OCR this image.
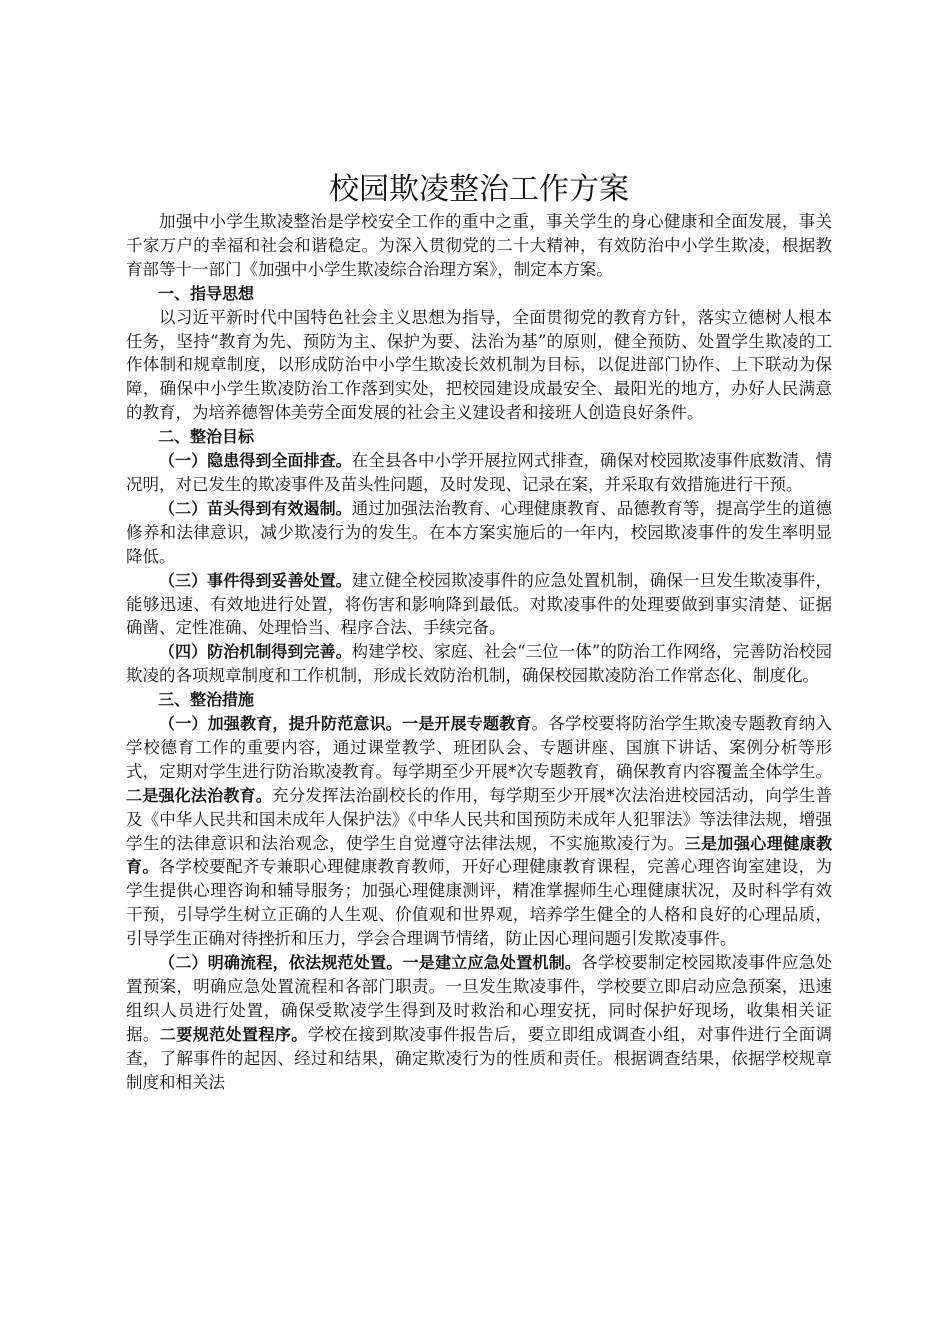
校园欺凌整治工作方案

加强中小学生欺凌整治是学校安全工作的重中之重，事关学生的身心健康和全面发展，事关千家万户的幸福和社会和谐稳定。为深入贯彻党的二十大精神，有效防治中小学生欺凌，根据教育部等十一部门《加强中小学生欺凌综合治理方案》，制定本方案。

一、指导思想

以习近平新时代中国特色社会主义思想为指导，全面贯彻党的教育方针，落实立德树人根本任务，坚持“教育为先、预防为主、保护为要、法治为基”的原则，健全预防、处置学生欺凌的工作体制和规章制度，以形成防治中小学生欺凌长效机制为目标，以促进部门协作、上下联动为保障，确保中小学生欺凌防治工作落到实处，把校园建设成最安全、最阳光的地方，办好人民满意的教育，为培养德智体美劳全面发展的社会主义建设者和接班人创造良好条件。

二、整治目标

（一）隐患得到全面排查。在全县各中小学开展拉网式排查，确保对校园欺凌事件底数清、情况明，对已发生的欺凌事件及苗头性问题，及时发现、记录在案，并采取有效措施进行干预。

（二）苗头得到有效遏制。通过加强法治教育、心理健康教育、品德教育等，提高学生的道德修养和法律意识，减少欺凌行为的发生。在本方案实施后的一年内，校园欺凌事件的发生率明显降低。

（三）事件得到妥善处置。建立健全校园欺凌事件的应急处置机制，确保一旦发生欺凌事件，能够迅速、有效地进行处置，将伤害和影响降到最低。对欺凌事件的处理要做到事实清楚、证据确凿、定性准确、处理恰当、程序合法、手续完备。

（四）防治机制得到完善。构建学校、家庭、社会“三位一体”的防治工作网络，完善防治校园欺凌的各项规章制度和工作机制，形成长效防治机制，确保校园欺凌防治工作常态化、制度化。

三、整治措施

（一）加强教育，提升防范意识。一是开展专题教育。各学校要将防治学生欺凌专题教育纳入学校德育工作的重要内容，通过课堂教学、班团队会、专题讲座、国旗下讲话、案例分析等形式，定期对学生进行防治欺凌教育。每学期至少开展*次专题教育，确保教育内容覆盖全体学生。二是强化法治教育。充分发挥法治副校长的作用，每学期至少开展*次法治进校园活动，向学生普及《中华人民共和国未成年人保护法》《中华人民共和国预防未成年人犯罪法》等法律法规，增强学生的法律意识和法治观念，使学生自觉遵守法律法规，不实施欺凌行为。三是加强心理健康教育。各学校要配齐专兼职心理健康教育教师，开好心理健康教育课程，完善心理咨询室建设，为学生提供心理咨询和辅导服务；加强心理健康测评，精准掌握师生心理健康状况，及时科学有效干预，引导学生树立正确的人生观、价值观和世界观，培养学生健全的人格和良好的心理品质，引导学生正确对待挫折和压力，学会合理调节情绪，防止因心理问题引发欺凌事件。

（二）明确流程，依法规范处置。一是建立应急处置机制。各学校要制定校园欺凌事件应急处置预案，明确应急处置流程和各部门职责。一旦发生欺凌事件，学校要立即启动应急预案，迅速组织人员进行处置，确保受欺凌学生得到及时救治和心理安抚，同时保护好现场，收集相关证据。二要规范处置程序。学校在接到欺凌事件报告后，要立即组成调查小组，对事件进行全面调查，了解事件的起因、经过和结果，确定欺凌行为的性质和责任。根据调查结果，依据学校规章制度和相关法
